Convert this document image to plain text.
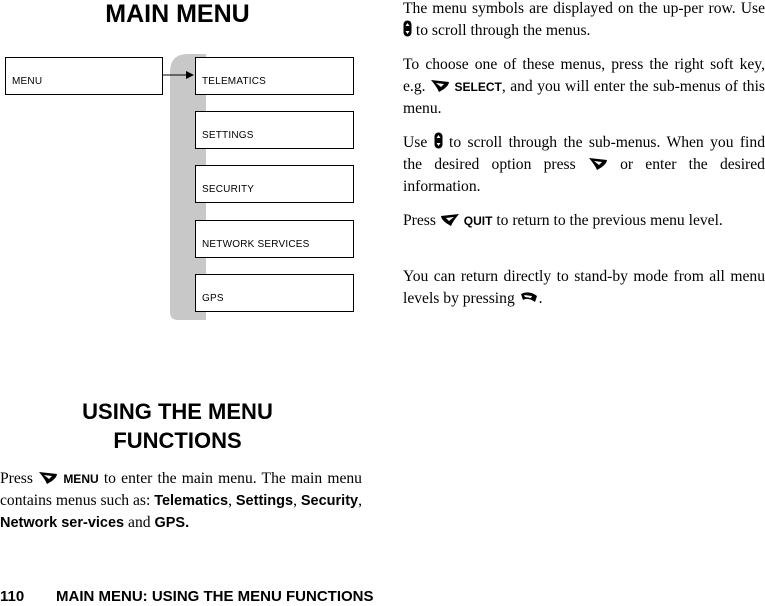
MAIN MENU
MENU	TELEMATICS
SETTINGS
SECURITY
NETWORK SERVICES
GPS
USING THE MENU
FUNCTIONS

Press	MENU to enter the main menu. The main menu contains menus such as: Telematics, Settings, Security, Network ser-vices and GPS.

The menu symbols are displayed on the up-per row. Use  to scroll through the menus.

To choose one of these menus, press the right soft key, e.g. SELECT, and you will enter the sub-menus of this menu.

Use to scroll through the sub-menus. When you find the desired option press	or enter the desired information.

Press QUIT to return to the previous menu level.

You can return directly to stand-by mode from all menu levels by pressing .

110 MAIN MENU: USING THE MENU FUNCTIONS
